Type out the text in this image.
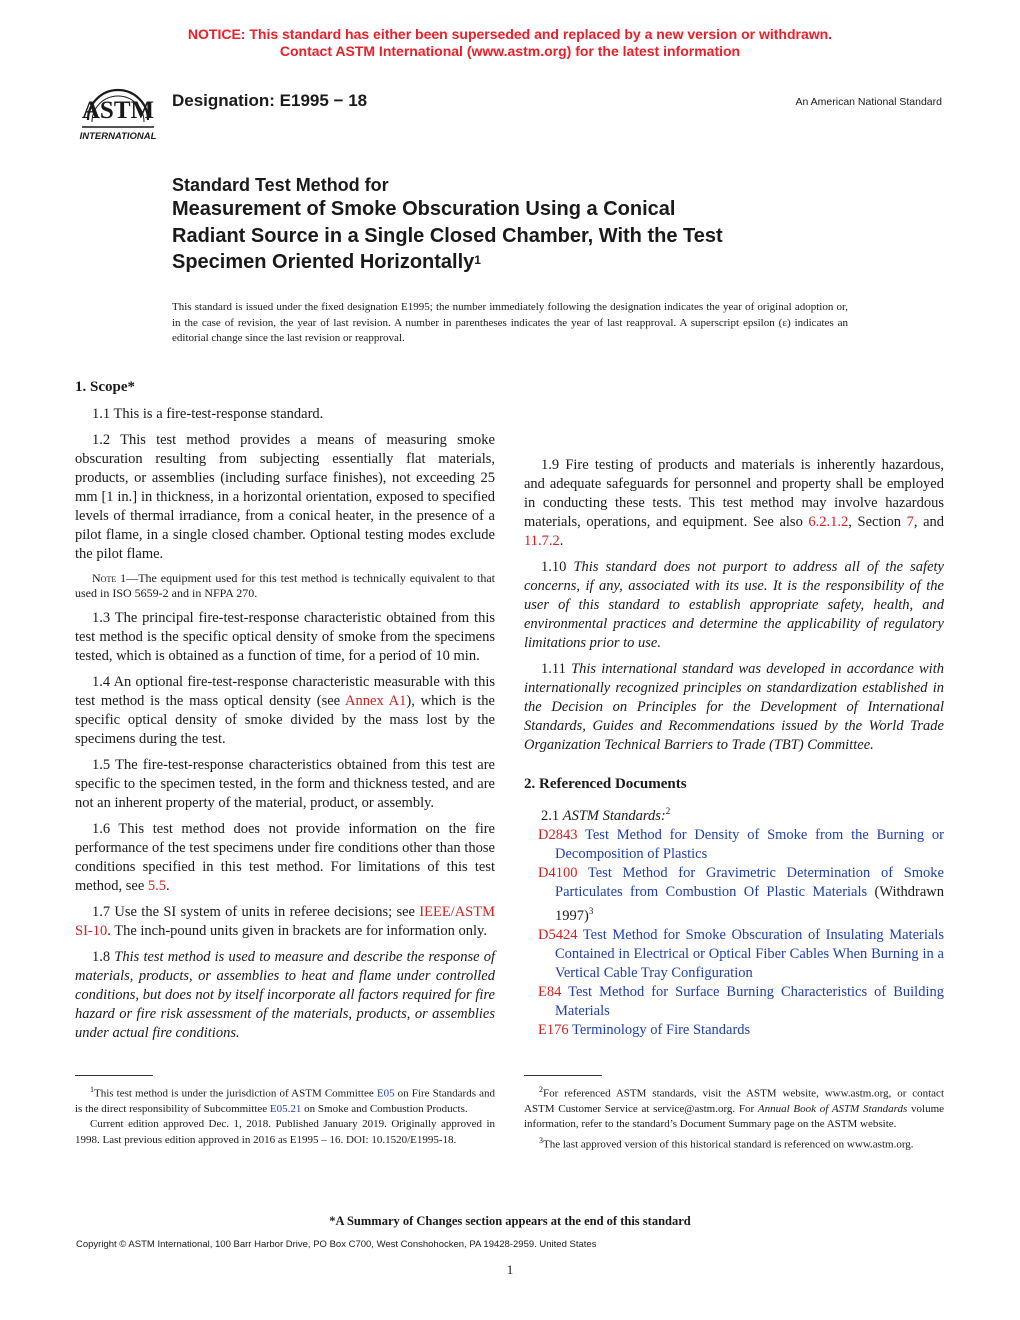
NOTICE: This standard has either been superseded and replaced by a new version or withdrawn.
Contact ASTM International (www.astm.org) for the latest information
ASTM
INTERNATIONAL
Designation: E1995 − 18	An American National Standard
Standard Test Method for
Measurement of Smoke Obscuration Using a Conical
Radiant Source in a Single Closed Chamber, With the Test
Specimen Oriented Horizontally$^1$
This standard is issued under the fixed designation E1995; the number immediately following the designation indicates the year of original adoption or, in the case of revision, the year of last revision. A number in parentheses indicates the year of last reapproval. A superscript epsilon (ε) indicates an editorial change since the last revision or reapproval.

1. Scope*

1.1 This is a fire-test-response standard.

1.2 This test method provides a means of measuring smoke obscuration resulting from subjecting essentially flat materials, products, or assemblies (including surface finishes), not exceeding 25 mm [1 in.] in thickness, in a horizontal orientation, exposed to specified levels of thermal irradiance, from a conical heater, in the presence of a pilot flame, in a single closed chamber. Optional testing modes exclude the pilot flame.

Note 1—The equipment used for this test method is technically equivalent to that used in ISO 5659-2 and in NFPA 270.

1.3 The principal fire-test-response characteristic obtained from this test method is the specific optical density of smoke from the specimens tested, which is obtained as a function of time, for a period of 10 min.

1.4 An optional fire-test-response characteristic measurable with this test method is the mass optical density (see Annex A1), which is the specific optical density of smoke divided by the mass lost by the specimens during the test.

1.5 The fire-test-response characteristics obtained from this test are specific to the specimen tested, in the form and thickness tested, and are not an inherent property of the material, product, or assembly.

1.6 This test method does not provide information on the fire performance of the test specimens under fire conditions other than those conditions specified in this test method. For limitations of this test method, see 5.5.

1.7 Use the SI system of units in referee decisions; see IEEE/ASTM SI-10. The inch-pound units given in brackets are for information only.

1.8 This test method is used to measure and describe the response of materials, products, or assemblies to heat and flame under controlled conditions, but does not by itself incorporate all factors required for fire hazard or fire risk assessment of the materials, products, or assemblies under actual fire conditions.

1.9 Fire testing of products and materials is inherently hazardous, and adequate safeguards for personnel and property shall be employed in conducting these tests. This test method may involve hazardous materials, operations, and equipment. See also 6.2.1.2, Section 7, and 11.7.2.

1.10 This standard does not purport to address all of the safety concerns, if any, associated with its use. It is the responsibility of the user of this standard to establish appropriate safety, health, and environmental practices and determine the applicability of regulatory limitations prior to use.

1.11 This international standard was developed in accordance with internationally recognized principles on standardization established in the Decision on Principles for the Development of International Standards, Guides and Recommendations issued by the World Trade Organization Technical Barriers to Trade (TBT) Committee.

2. Referenced Documents

2.1 ASTM Standards:$^2$

D2843 Test Method for Density of Smoke from the Burning or Decomposition of Plastics

D4100 Test Method for Gravimetric Determination of Smoke Particulates from Combustion Of Plastic Materials (Withdrawn 1997)$^3$

D5424 Test Method for Smoke Obscuration of Insulating Materials Contained in Electrical or Optical Fiber Cables When Burning in a Vertical Cable Tray Configuration

E84 Test Method for Surface Burning Characteristics of Building Materials

E176 Terminology of Fire Standards

$^1$This test method is under the jurisdiction of ASTM Committee E05 on Fire Standards and is the direct responsibility of Subcommittee E05.21 on Smoke and Combustion Products.

Current edition approved Dec. 1, 2018. Published January 2019. Originally approved in 1998. Last previous edition approved in 2016 as E1995 – 16. DOI: 10.1520/E1995-18.

$^2$For referenced ASTM standards, visit the ASTM website, www.astm.org, or contact ASTM Customer Service at service@astm.org. For Annual Book of ASTM Standards volume information, refer to the standard’s Document Summary page on the ASTM website.

$^3$The last approved version of this historical standard is referenced on www.astm.org.

*A Summary of Changes section appears at the end of this standard
Copyright © ASTM International, 100 Barr Harbor Drive, PO Box C700, West Conshohocken, PA 19428-2959. United States
1
